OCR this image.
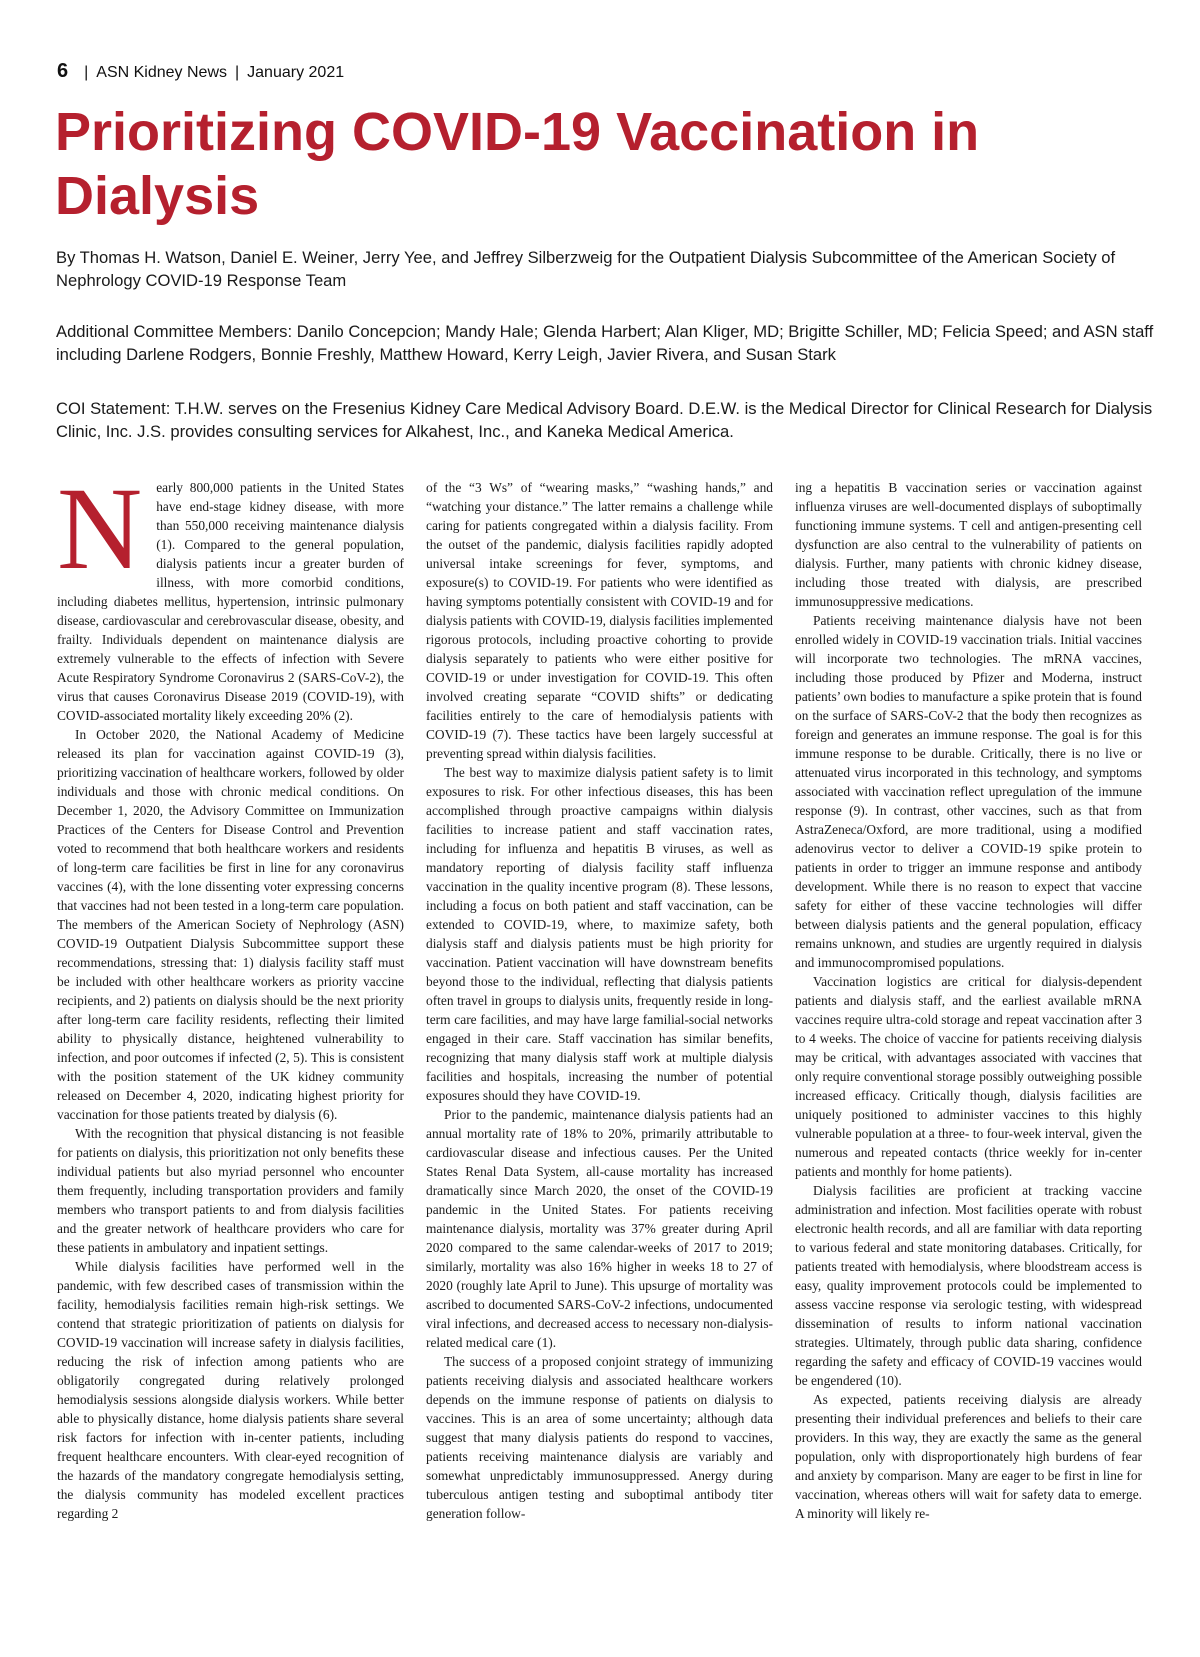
6 | ASN Kidney News | January 2021
Prioritizing COVID-19 Vaccination in Dialysis

By Thomas H. Watson, Daniel E. Weiner, Jerry Yee, and Jeffrey Silberzweig for the Outpatient Dialysis Subcommittee of the American Society of Nephrology COVID-19 Response Team

Additional Committee Members: Danilo Concepcion; Mandy Hale; Glenda Harbert; Alan Kliger, MD; Brigitte Schiller, MD; Felicia Speed; and ASN staff including Darlene Rodgers, Bonnie Freshly, Matthew Howard, Kerry Leigh, Javier Rivera, and Susan Stark

COI Statement: T.H.W. serves on the Fresenius Kidney Care Medical Advisory Board. D.E.W. is the Medical Director for Clinical Research for Dialysis Clinic, Inc. J.S. provides consulting services for Alkahest, Inc., and Kaneka Medical America.

N	early 800,000 patients in the United States have end-stage kidney disease, with more than 550,000 receiving maintenance dialysis (1). Compared to the general population, dialysis patients incur a greater burden of illness, with more comorbid conditions, including diabetes mellitus, hypertension, intrinsic pulmonary disease, cardiovascular and cerebrovascular disease, obesity, and frailty. Individuals dependent on maintenance dialysis are extremely vulnerable to the effects of infection with Severe Acute Respiratory Syndrome Coronavirus 2 (SARS-CoV-2), the virus that causes Coronavirus Disease 2019 (COVID-19), with COVID-associated mortality likely exceeding 20% (2).

In October 2020, the National Academy of Medicine released its plan for vaccination against COVID-19 (3), prioritizing vaccination of healthcare workers, followed by older individuals and those with chronic medical conditions. On December 1, 2020, the Advisory Committee on Immunization Practices of the Centers for Disease Control and Prevention voted to recommend that both healthcare workers and residents of long-term care facilities be first in line for any coronavirus vaccines (4), with the lone dissenting voter expressing concerns that vaccines had not been tested in a long-term care population. The members of the American Society of Nephrology (ASN) COVID-19 Outpatient Dialysis Subcommittee support these recommendations, stressing that: 1) dialysis facility staff must be included with other healthcare workers as priority vaccine recipients, and 2) patients on dialysis should be the next priority after long-term care facility residents, reflecting their limited ability to physically distance, heightened vulnerability to infection, and poor outcomes if infected (2, 5). This is consistent with the position statement of the UK kidney community released on December 4, 2020, indicating highest priority for vaccination for those patients treated by dialysis (6).

With the recognition that physical distancing is not feasible for patients on dialysis, this prioritization not only benefits these individual patients but also myriad personnel who encounter them frequently, including transportation providers and family members who transport patients to and from dialysis facilities and the greater network of healthcare providers who care for these patients in ambulatory and inpatient settings.

While dialysis facilities have performed well in the pandemic, with few described cases of transmission within the facility, hemodialysis facilities remain high-risk settings. We contend that strategic prioritization of patients on dialysis for COVID-19 vaccination will increase safety in dialysis facilities, reducing the risk of infection among patients who are obligatorily congregated during relatively prolonged hemodialysis sessions alongside dialysis workers. While better able to physically distance, home dialysis patients share several risk factors for infection with in-center patients, including frequent healthcare encounters. With clear-eyed recognition of the hazards of the mandatory congregate hemodialysis setting, the dialysis community has modeled excellent practices regarding 2

of the “3 Ws” of “wearing masks,” “washing hands,” and “watching your distance.” The latter remains a challenge while caring for patients congregated within a dialysis facility. From the outset of the pandemic, dialysis facilities rapidly adopted universal intake screenings for fever, symptoms, and exposure(s) to COVID-19. For patients who were identified as having symptoms potentially consistent with COVID-19 and for dialysis patients with COVID-19, dialysis facilities implemented rigorous protocols, including proactive cohorting to provide dialysis separately to patients who were either positive for COVID-19 or under investigation for COVID-19. This often involved creating separate “COVID shifts” or dedicating facilities entirely to the care of hemodialysis patients with COVID-19 (7). These tactics have been largely successful at preventing spread within dialysis facilities.

The best way to maximize dialysis patient safety is to limit exposures to risk. For other infectious diseases, this has been accomplished through proactive campaigns within dialysis facilities to increase patient and staff vaccination rates, including for influenza and hepatitis B viruses, as well as mandatory reporting of dialysis facility staff influenza vaccination in the quality incentive program (8). These lessons, including a focus on both patient and staff vaccination, can be extended to COVID-19, where, to maximize safety, both dialysis staff and dialysis patients must be high priority for vaccination. Patient vaccination will have downstream benefits beyond those to the individual, reflecting that dialysis patients often travel in groups to dialysis units, frequently reside in long-term care facilities, and may have large familial-social networks engaged in their care. Staff vaccination has similar benefits, recognizing that many dialysis staff work at multiple dialysis facilities and hospitals, increasing the number of potential exposures should they have COVID-19.

Prior to the pandemic, maintenance dialysis patients had an annual mortality rate of 18% to 20%, primarily attributable to cardiovascular disease and infectious causes. Per the United States Renal Data System, all-cause mortality has increased dramatically since March 2020, the onset of the COVID-19 pandemic in the United States. For patients receiving maintenance dialysis, mortality was 37% greater during April 2020 compared to the same calendar-weeks of 2017 to 2019; similarly, mortality was also 16% higher in weeks 18 to 27 of 2020 (roughly late April to June). This upsurge of mortality was ascribed to documented SARS-CoV-2 infections, undocumented viral infections, and decreased access to necessary non-dialysis-related medical care (1).

The success of a proposed conjoint strategy of immunizing patients receiving dialysis and associated healthcare workers depends on the immune response of patients on dialysis to vaccines. This is an area of some uncertainty; although data suggest that many dialysis patients do respond to vaccines, patients receiving maintenance dialysis are variably and somewhat unpredictably immunosuppressed. Anergy during tuberculous antigen testing and suboptimal antibody titer generation follow-

ing a hepatitis B vaccination series or vaccination against influenza viruses are well-documented displays of suboptimally functioning immune systems. T cell and antigen-presenting cell dysfunction are also central to the vulnerability of patients on dialysis. Further, many patients with chronic kidney disease, including those treated with dialysis, are prescribed immunosuppressive medications.

Patients receiving maintenance dialysis have not been enrolled widely in COVID-19 vaccination trials. Initial vaccines will incorporate two technologies. The mRNA vaccines, including those produced by Pfizer and Moderna, instruct patients’ own bodies to manufacture a spike protein that is found on the surface of SARS-CoV-2 that the body then recognizes as foreign and generates an immune response. The goal is for this immune response to be durable. Critically, there is no live or attenuated virus incorporated in this technology, and symptoms associated with vaccination reflect upregulation of the immune response (9). In contrast, other vaccines, such as that from AstraZeneca/Oxford, are more traditional, using a modified adenovirus vector to deliver a COVID-19 spike protein to patients in order to trigger an immune response and antibody development. While there is no reason to expect that vaccine safety for either of these vaccine technologies will differ between dialysis patients and the general population, efficacy remains unknown, and studies are urgently required in dialysis and immunocompromised populations.

Vaccination logistics are critical for dialysis-dependent patients and dialysis staff, and the earliest available mRNA vaccines require ultra-cold storage and repeat vaccination after 3 to 4 weeks. The choice of vaccine for patients receiving dialysis may be critical, with advantages associated with vaccines that only require conventional storage possibly outweighing possible increased efficacy. Critically though, dialysis facilities are uniquely positioned to administer vaccines to this highly vulnerable population at a three- to four-week interval, given the numerous and repeated contacts (thrice weekly for in-center patients and monthly for home patients).

Dialysis facilities are proficient at tracking vaccine administration and infection. Most facilities operate with robust electronic health records, and all are familiar with data reporting to various federal and state monitoring databases. Critically, for patients treated with hemodialysis, where bloodstream access is easy, quality improvement protocols could be implemented to assess vaccine response via serologic testing, with widespread dissemination of results to inform national vaccination strategies. Ultimately, through public data sharing, confidence regarding the safety and efficacy of COVID-19 vaccines would be engendered (10).

As expected, patients receiving dialysis are already presenting their individual preferences and beliefs to their care providers. In this way, they are exactly the same as the general population, only with disproportionately high burdens of fear and anxiety by comparison. Many are eager to be first in line for vaccination, whereas others will wait for safety data to emerge. A minority will likely re-
